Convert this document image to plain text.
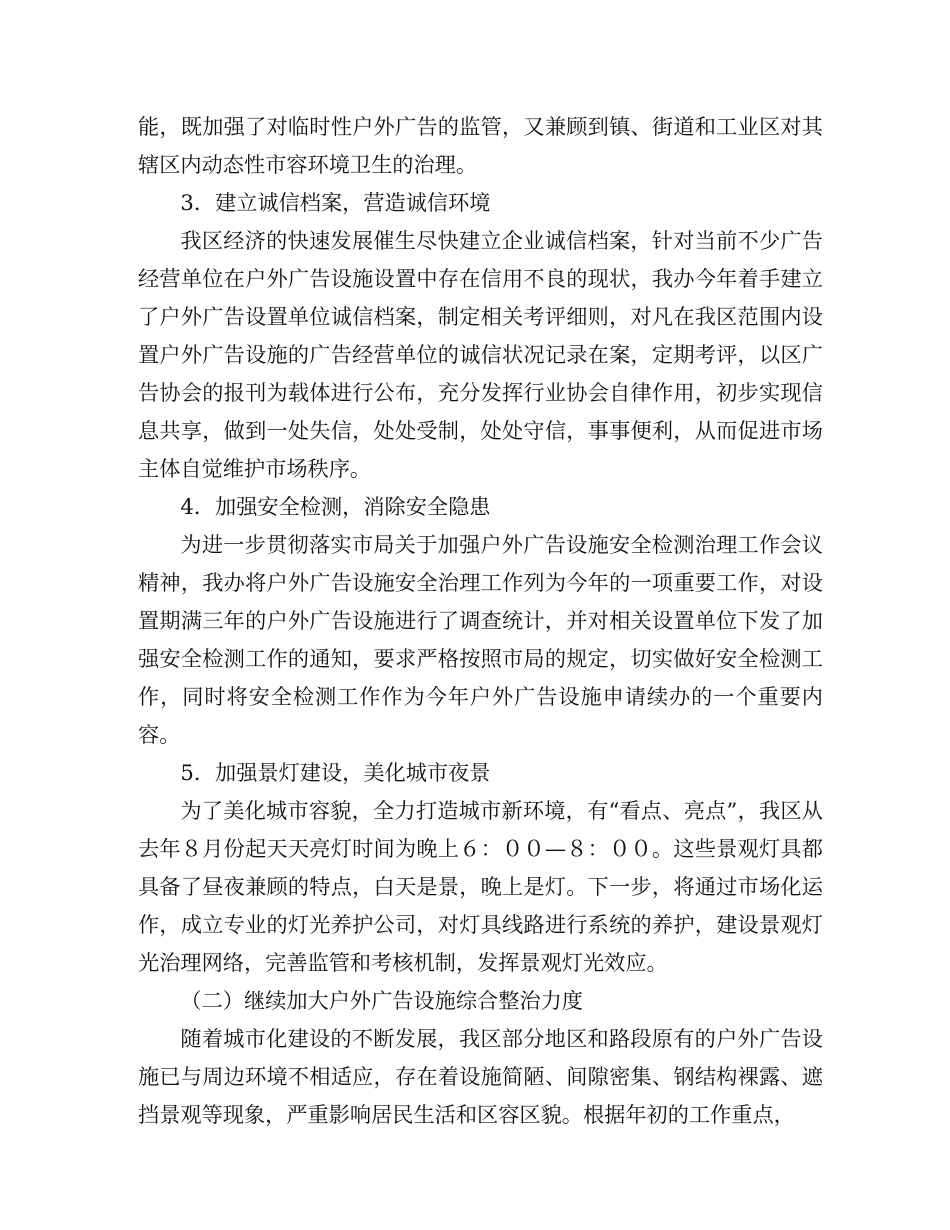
能，既加强了对临时性户外广告的监管，又兼顾到镇、街道和工业区对其辖区内动态性市容环境卫生的治理。

3．建立诚信档案，营造诚信环境

我区经济的快速发展催生尽快建立企业诚信档案，针对当前不少广告经营单位在户外广告设施设置中存在信用不良的现状，我办今年着手建立了户外广告设置单位诚信档案，制定相关考评细则，对凡在我区范围内设置户外广告设施的广告经营单位的诚信状况记录在案，定期考评，以区广告协会的报刊为载体进行公布，充分发挥行业协会自律作用，初步实现信息共享，做到一处失信，处处受制，处处守信，事事便利，从而促进市场主体自觉维护市场秩序。

4．加强安全检测，消除安全隐患

为进一步贯彻落实市局关于加强户外广告设施安全检测治理工作会议精神，我办将户外广告设施安全治理工作列为今年的一项重要工作，对设置期满三年的户外广告设施进行了调查统计，并对相关设置单位下发了加强安全检测工作的通知，要求严格按照市局的规定，切实做好安全检测工作，同时将安全检测工作作为今年户外广告设施申请续办的一个重要内容。

5．加强景灯建设，美化城市夜景

为了美化城市容貌，全力打造城市新环境，有“看点、亮点”，我区从去年８月份起天天亮灯时间为晚上６：００—８：００。这些景观灯具都具备了昼夜兼顾的特点，白天是景，晚上是灯。下一步，将通过市场化运作，成立专业的灯光养护公司，对灯具线路进行系统的养护，建设景观灯光治理网络，完善监管和考核机制，发挥景观灯光效应。

（二）继续加大户外广告设施综合整治力度

随着城市化建设的不断发展，我区部分地区和路段原有的户外广告设施已与周边环境不相适应，存在着设施简陋、间隙密集、钢结构裸露、遮挡景观等现象，严重影响居民生活和区容区貌。根据年初的工作重点，
